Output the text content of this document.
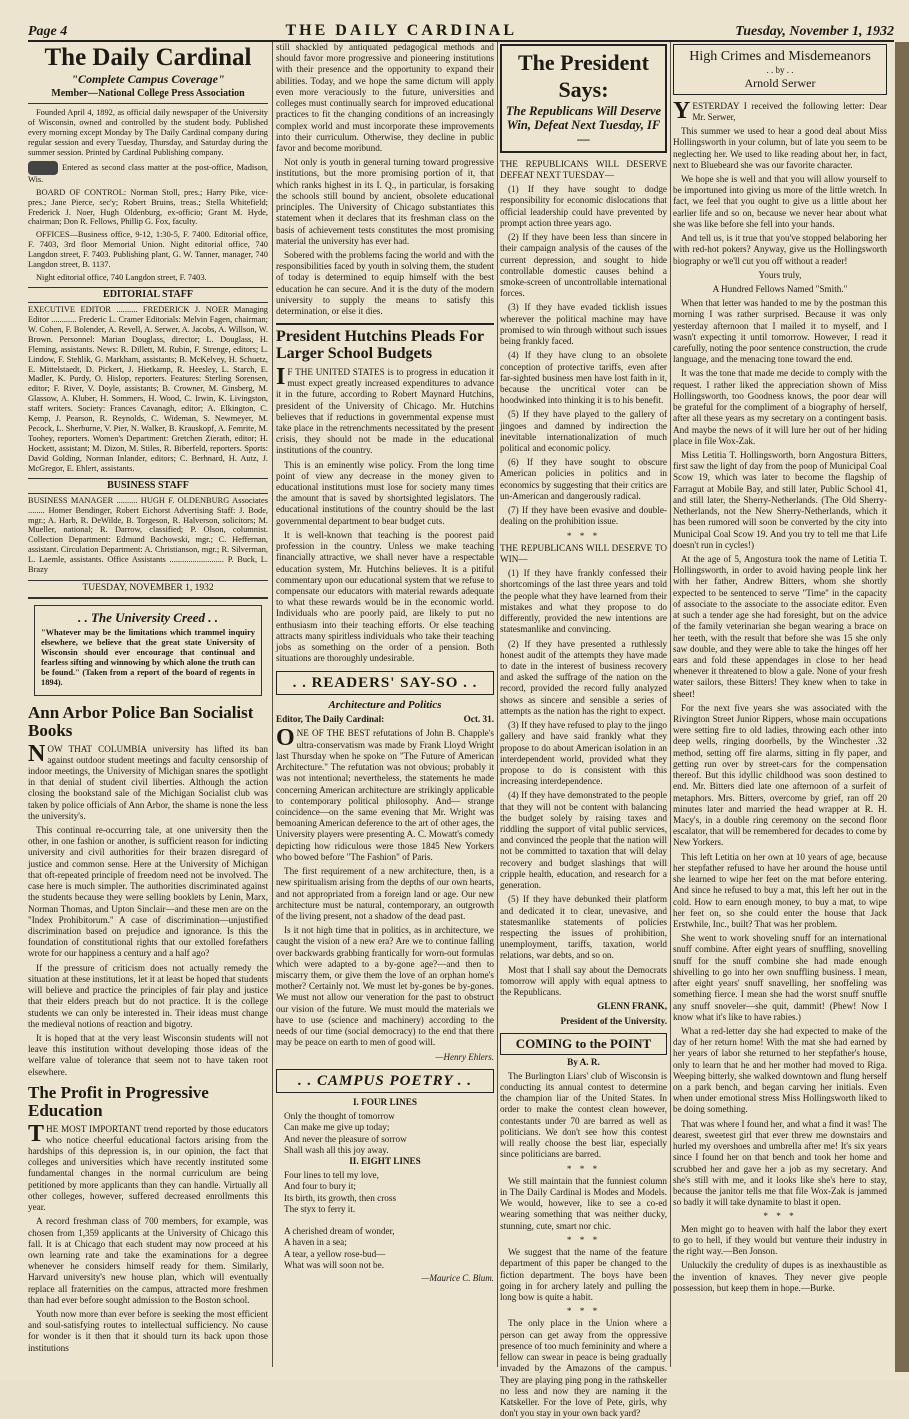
Page 4	THE DAILY CARDINAL	Tuesday, November 1, 1932
The Daily Cardinal
"Complete Campus Coverage"
Member—National College Press Association

Founded April 4, 1892, as official daily newspaper of the University of Wisconsin, owned and controlled by the student body. Published every morning except Monday by The Daily Cardinal company during regular session and every Tuesday, Thursday, and Saturday during the summer session. Printed by Cardinal Publishing company.

Entered as second class matter at the post-office, Madison, Wis.

BOARD OF CONTROL: Norman Stoll, pres.; Harry Pike, vice-pres.; Jane Pierce, sec'y; Robert Bruins, treas.; Stella Whitefield; Frederick J. Noer, Hugh Oldenburg, ex-officio; Grant M. Hyde, chairman; Don R. Fellows, Phillip G. Fox, faculty.

OFFICES—Business office, 9-12, 1:30-5, F. 7400. Editorial office, F. 7403, 3rd floor Memorial Union. Night editorial office, 740 Langdon street, F. 7403. Publishing plant, G. W. Tanner, manager, 740 Langdon street, B. 1137.

Night editorial office, 740 Langdon street, F. 7403.

EDITORIAL STAFF

EXECUTIVE EDITOR .......... FREDERICK J. NOER Managing Editor ............ Frederic L. Cramer Editorials: Melvin Fagen, chairman; W. Cohen, F. Bolender, A. Revell, A. Serwer, A. Jacobs, A. Willson, W. Brown. Personnel: Marian Douglass, director; L. Douglass, H. Fleming, assistants. News: R. Dillett, M. Rubin, F. Strenge, editors; L. Lindow, F. Stehlik, G. Markham, assistants; B. McKelvey, H. Schuetz, E. Mittelstaedt, D. Pickert, J. Hietkamp, R. Heesley, L. Starch, E. Madler, K. Purdy, O. Hislop, reporters. Features: Sterling Sorensen, editor; F. River, V. Doyle, assistants; B. Crowner, M. Ginsberg, M. Glassow, A. Kluber, H. Sommers, H. Wood, C. Irwin, K. Livingston, staff writers. Society: Frances Cavanagh, editor; A. Elkington, C. Kemp, J. Pearson, R. Reynolds, C. Wideman, S. Newmeyer, M. Pecock, L. Sherburne, V. Pier, N. Walker, B. Krauskopf, A. Femrite, M. Toohey, reporters. Women's Department: Gretchen Zierath, editor; H. Hockett, assistant; M. Dizon, M. Stiles, R. Biberfeld, reporters. Sports: David Golding, Norman Inlander, editors; C. Berhnard, H. Autz, J. McGregor, E. Ehlert, assistants.

BUSINESS STAFF

BUSINESS MANAGER .......... HUGH F. OLDENBURG Associates ........ Homer Bendinger, Robert Eichorst Advertising Staff: J. Bode, mgr.; A. Harb, R. DeWilde, B. Torgeson, R. Halverson, solicitors; M. Mueller, national; R. Darrow, classified; P. Olson, columnist. Collection Department: Edmund Bachowski, mgr.; C. Heffernan, assistant. Circulation Department: A. Christianson, mgr.; R. Silverman, L. Laemle, assistants. Office Assistants .......................... P. Buck, L. Brazy

TUESDAY, NOVEMBER 1, 1932
. . The University Creed . .

"Whatever may be the limitations which trammel inquiry elsewhere, we believe that the great state University of Wisconsin should ever encourage that continual and fearless sifting and winnowing by which alone the truth can be found." (Taken from a report of the board of regents in 1894).

Ann Arbor Police Ban Socialist Books

NOW THAT COLUMBIA university has lifted its ban against outdoor student meetings and faculty censorship of indoor meetings, the University of Michigan snares the spotlight in that denial of student civil liberties. Although the action closing the bookstand sale of the Michigan Socialist club was taken by police officials of Ann Arbor, the shame is none the less the university's.

This continual re-occurring tale, at one university then the other, in one fashion or another, is sufficient reason for indicting university and civil authorities for their brazen disregard of justice and common sense. Here at the University of Michigan that oft-repeated principle of freedom need not be involved. The case here is much simpler. The authorities discriminated against the students because they were selling booklets by Lenin, Marx, Norman Thomas, and Upton Sinclair—and these men are on the "Index Prohibitorum." A case of discrimination—unjustified discrimination based on prejudice and ignorance. Is this the foundation of constitutional rights that our extolled forefathers wrote for our happiness a century and a half ago?

If the pressure of criticism does not actually remedy the situation at these institutions, let it at least be hoped that students will believe and practice the principles of fair play and justice that their elders preach but do not practice. It is the college students we can only be interested in. Their ideas must change the medieval notions of reaction and bigotry.

It is hoped that at the very least Wisconsin students will not leave this institution without developing those ideas of the welfare value of tolerance that seem not to have taken root elsewhere.

The Profit in Progressive Education

THE MOST IMPORTANT trend reported by those educators who notice cheerful educational factors arising from the hardships of this depression is, in our opinion, the fact that colleges and universities which have recently instituted some fundamental changes in the normal curriculum are being petitioned by more applicants than they can handle. Virtually all other colleges, however, suffered decreased enrollments this year.

A record freshman class of 700 members, for example, was chosen from 1,359 applicants at the University of Chicago this fall. It is at Chicago that each student may now proceed at his own learning rate and take the examinations for a degree whenever he considers himself ready for them. Similarly, Harvard university's new house plan, which will eventually replace all fraternities on the campus, attracted more freshmen than had ever before sought admission to the Boston school.

Youth now more than ever before is seeking the most efficient and soul-satisfying routes to intellectual sufficiency. No cause for wonder is it then that it should turn its back upon those institutions

still shackled by antiquated pedagogical methods and should favor more progressive and pioneering institutions with their presence and the opportunity to expand their abilities. Today, and we hope the same dictum will apply even more veraciously to the future, universities and colleges must continually search for improved educational practices to fit the changing conditions of an increasingly complex world and must incorporate these improvements into their curriculum. Otherwise, they decline in public favor and become moribund.

Not only is youth in general turning toward progressive institutions, but the more promising portion of it, that which ranks highest in its I. Q., in particular, is forsaking the schools still bound by ancient, obsolete educational principles. The University of Chicago substantiates this statement when it declares that its freshman class on the basis of achievement tests constitutes the most promising material the university has ever had.

Sobered with the problems facing the world and with the responsibilities faced by youth in solving them, the student of today is determined to equip himself with the best education he can secure. And it is the duty of the modern university to supply the means to satisfy this determination, or else it dies.

President Hutchins Pleads For Larger School Budgets

I F THE UNITED STATES is to progress in education it must expect greatly increased expenditures to advance it in the future, according to Robert Maynard Hutchins, president of the University of Chicago. Mr. Hutchins believes that if reductions in governmental expense must take place in the retrenchments necessitated by the present crisis, they should not be made in the educational institutions of the country.

This is an eminently wise policy. From the long time point of view any decrease in the money given to educational institutions must lose for society many times the amount that is saved by shortsighted legislators. The educational institutions of the country should be the last governmental department to bear budget cuts.

It is well-known that teaching is the poorest paid profession in the country. Unless we make teaching financially attractive, we shall never have a respectable education system, Mr. Hutchins believes. It is a pitiful commentary upon our educational system that we refuse to compensate our educators with material rewards adequate to what these rewards would be in the economic world. Individuals who are poorly paid, are likely to put no enthusiasm into their teaching efforts. Or else teaching attracts many spiritless individuals who take their teaching jobs as something on the order of a pension. Both situations are thoroughly undesirable.

. . READERS' SAY-SO . .
Architecture and Politics

Editor, The Daily Cardinal:	Oct. 31.

ONE OF THE BEST refutations of John B. Chapple's ultra-conservatism was made by Frank Lloyd Wright last Thursday when he spoke on "The Future of American Architecture." The refutation was not obvious; probably it was not intentional; nevertheless, the statements he made concerning American architecture are strikingly applicable to contemporary political philosophy. And— strange coincidence—on the same evening that Mr. Wright was bemoaning American deference to the art of other ages, the University players were presenting A. C. Mowatt's comedy depicting how ridiculous were those 1845 New Yorkers who bowed before "The Fashion" of Paris.

The first requirement of a new architecture, then, is a new spiritualism arising from the depths of our own hearts, and not appropriated from a foreign land or age. Our new architecture must be natural, contemporary, an outgrowth of the living present, not a shadow of the dead past.

Is it not high time that in politics, as in architecture, we caught the vision of a new era? Are we to continue falling over backwards grabbing frantically for worn-out formulas which were adapted to a by-gone age?—and then to miscarry them, or give them the love of an orphan home's mother? Certainly not. We must let by-gones be by-gones. We must not allow our veneration for the past to obstruct our vision of the future. We must mould the materials we have to use (science and machinery) according to the needs of our time (social democracy) to the end that there may be peace on earth to men of good will.

—Henry Ehlers.
. . CAMPUS POETRY . .

I. FOUR LINES

Only the thought of tomorrow

Can make me give up today;

And never the pleasure of sorrow

Shall wash all this joy away.

II. EIGHT LINES

Four lines to tell my love,

And four to bury it;

Its birth, its growth, then cross

The styx to ferry it.

A cherished dream of wonder,

A haven in a sea;

A tear, a yellow rose-bud—

What was will soon not be.

—Maurice C. Blum.
The President Says:
The Republicans Will Deserve Win, Defeat Next Tuesday, IF—

THE REPUBLICANS WILL DESERVE DEFEAT NEXT TUESDAY—

(1) If they have sought to dodge responsibility for economic dislocations that official leadership could have prevented by prompt action three years ago.

(2) If they have been less than sincere in their campaign analysis of the causes of the current depression, and sought to hide controllable domestic causes behind a smoke-screen of uncontrollable international forces.

(3) If they have evaded ticklish issues wherever the political machine may have promised to win through without such issues being frankly faced.

(4) If they have clung to an obsolete conception of protective tariffs, even after far-sighted business men have lost faith in it, because the uncritical voter can be hoodwinked into thinking it is to his benefit.

(5) If they have played to the gallery of jingoes and damned by indirection the inevitable internationalization of much political and economic policy.

(6) If they have sought to obscure American policies in politics and in economics by suggesting that their critics are un-American and dangerously radical.

(7) If they have been evasive and double-dealing on the prohibition issue.

* * *

THE REPUBLICANS WILL DESERVE TO WIN—

(1) If they have frankly confessed their shortcomings of the last three years and told the people what they have learned from their mistakes and what they propose to do differently, provided the new intentions are statesmanlike and convincing.

(2) If they have presented a ruthlessly honest audit of the attempts they have made to date in the interest of business recovery and asked the suffrage of the nation on the record, provided the record fully analyzed shows as sincere and sensible a series of attempts as the nation has the right to expect.

(3) If they have refused to play to the jingo gallery and have said frankly what they propose to do about American isolation in an interdependent world, provided what they propose to do is consistent with this increasing interdependence.

(4) If they have demonstrated to the people that they will not be content with balancing the budget solely by raising taxes and riddling the support of vital public services, and convinced the people that the nation will not be committed to taxation that will delay recovery and budget slashings that will cripple health, education, and research for a generation.

(5) If they have debunked their platform and dedicated it to clear, unevasive, and statesmanlike statements of policies respecting the issues of prohibition, unemployment, tariffs, taxation, world relations, war debts, and so on.

Most that I shall say about the Democrats tomorrow will apply with equal aptness to the Republicans.

GLENN FRANK,

President of the University.

COMING to the POINT

By A. R.

The Burlington Liars' club of Wisconsin is conducting its annual contest to determine the champion liar of the United States. In order to make the contest clean however, contestants under 70 are barred as well as politicians. We don't see how this contest will really choose the best liar, especially since politicians are barred.

* * *

We still maintain that the funniest column in The Daily Cardinal is Modes and Models. We would, however, like to see a co-ed wearing something that was neither ducky, stunning, cute, smart nor chic.

* * *

We suggest that the name of the feature department of this paper be changed to the fiction department. The boys have been going in for archery lately and pulling the long bow is quite a habit.

* * *

The only place in the Union where a person can get away from the oppressive presence of too much femininity and where a fellow can swear in peace is being gradually invaded by the Amazons of the campus. They are playing ping pong in the rathskeller no less and now they are naming it the Katskeller. For the love of Pete, girls, why don't you stay in your own back yard?

High Crimes and Misdemeanors
. . by . .
Arnold Serwer

YESTERDAY I received the following letter: Dear Mr. Serwer,

This summer we used to hear a good deal about Miss Hollingsworth in your column, but of late you seem to be neglecting her. We used to like reading about her, in fact, next to Bluebeard she was our favorite character.

We hope she is well and that you will allow yourself to be importuned into giving us more of the little wretch. In fact, we feel that you ought to give us a little about her earlier life and so on, because we never hear about what she was like before she fell into your hands.

And tell us, is it true that you've stopped belaboring her with red-hot pokers? Anyway, give us the Hollingsworth biography or we'll cut you off without a reader!

Yours truly,

A Hundred Fellows Named "Smith."

When that letter was handed to me by the postman this morning I was rather surprised. Because it was only yesterday afternoon that I mailed it to myself, and I wasn't expecting it until tomorrow. However, I read it carefully, noting the poor sentence construction, the crude language, and the menacing tone toward the end.

It was the tone that made me decide to comply with the request. I rather liked the appreciation shown of Miss Hollingsworth, too Goodness knows, the poor dear will be grateful for the compliment of a biography of herself, after all these years as my secretary on a contingent basis. And maybe the news of it will lure her out of her hiding place in file Wox-Zak.

Miss Letitia T. Hollingsworth, born Angostura Bitters, first saw the light of day from the poop of Municipal Coal Scow 19, which was later to become the flagship of Farragut at Mobile Bay, and still later, Public School 41, and still later, the Sherry-Netherlands. (The Old Sherry-Netherlands, not the New Sherry-Netherlands, which it has been rumored will soon be converted by the city into Municipal Coal Scow 19. And you try to tell me that Life doesn't run in cycles!)

At the age of 5, Angostura took the name of Letitia T. Hollingsworth, in order to avoid having people link her with her father, Andrew Bitters, whom she shortly expected to be sentenced to serve "Time" in the capacity of associate to the associate to the associate editor. Even at such a tender age she had foresight, but on the advice of the family veterinarian she began wearing a brace on her teeth, with the result that before she was 15 she only saw double, and they were able to take the hinges off her ears and fold these appendages in close to her head whenever it threatened to blow a gale. None of your fresh water sailors, these Bitters! They knew when to take in sheet!

For the next five years she was associated with the Rivington Street Junior Rippers, whose main occupations were setting fire to old ladies, throwing each other into deep wells, ringing doorbells, by the Winchester .32 method, setting off fire alarms, sitting in fly paper, and getting run over by street-cars for the compensation thereof. But this idyllic childhood was soon destined to end. Mr. Bitters died late one afternoon of a surfeit of metaphors. Mrs. Bitters, overcome by grief, ran off 20 minutes later and married the head wrapper at R. H. Macy's, in a double ring ceremony on the second floor escalator, that will be remembered for decades to come by New Yorkers.

This left Letitia on her own at 10 years of age, because her stepfather refused to have her around the house until she learned to wipe her feet on the mat before entering. And since he refused to buy a mat, this left her out in the cold. How to earn enough money, to buy a mat, to wipe her feet on, so she could enter the house that Jack Erstwhile, Inc., built? That was her problem.

She went to work shoveling snuff for an international snuff combine. After eight years of snuffling, snovelling snuff for the snuff combine she had made enough shivelling to go into her own snuffling business. I mean, after eight years' snuff snavelling, her snoffeling was something fierce. I mean she had the worst snuff snuffle any snuff snoveler—she quit, dammit! (Phew! Now I know what it's like to have rabies.)

What a red-letter day she had expected to make of the day of her return home! With the mat she had earned by her years of labor she returned to her stepfather's house, only to learn that he and her mother had moved to Riga. Weeping bitterly, she walked downtown and flung herself on a park bench, and began carving her initials. Even when under emotional stress Miss Hollingsworth liked to be doing something.

That was where I found her, and what a find it was! The dearest, sweetest girl that ever threw me downstairs and hurled my overshoes and umbrella after me! It's six years since I found her on that bench and took her home and scrubbed her and gave her a job as my secretary. And she's still with me, and it looks like she's here to stay, because the janitor tells me that file Wox-Zak is jammed so badly it will take dynamite to blast it open.

* * *

Men might go to heaven with half the labor they exert to go to hell, if they would but venture their industry in the right way.—Ben Jonson.

Unluckily the credulity of dupes is as inexhaustible as the invention of knaves. They never give people possession, but keep them in hope.—Burke.
